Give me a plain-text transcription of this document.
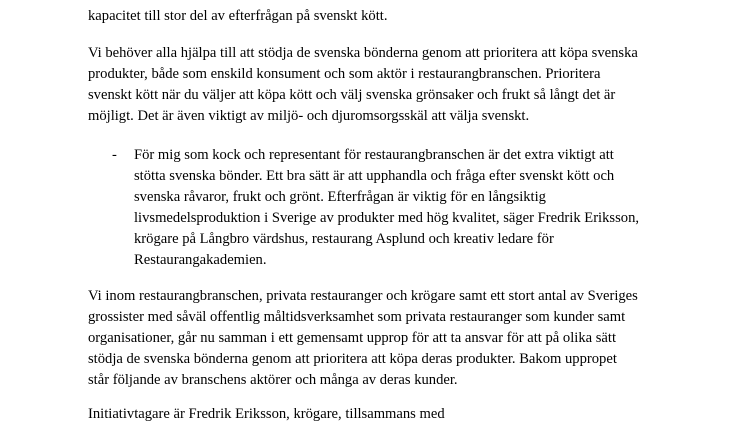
kapacitet till stor del av efterfrågan på svenskt kött.
Vi behöver alla hjälpa till att stödja de svenska bönderna genom att prioritera att köpa svenska
produkter, både som enskild konsument och som aktör i restaurangbranschen. Prioritera
svenskt kött när du väljer att köpa kött och välj svenska grönsaker och frukt så långt det är
möjligt. Det är även viktigt av miljö- och djuromsorgsskäl att välja svenskt.
- För mig som kock och representant för restaurangbranschen är det extra viktigt att
stötta svenska bönder. Ett bra sätt är att upphandla och fråga efter svenskt kött och
svenska råvaror, frukt och grönt. Efterfrågan är viktig för en långsiktig
livsmedelsproduktion i Sverige av produkter med hög kvalitet, säger Fredrik Eriksson,
krögare på Långbro värdshus, restaurang Asplund och kreativ ledare för
Restaurangakademien.
Vi inom restaurangbranschen, privata restauranger och krögare samt ett stort antal av Sveriges
grossister med såväl offentlig måltidsverksamhet som privata restauranger som kunder samt
organisationer, går nu samman i ett gemensamt upprop för att ta ansvar för att på olika sätt
stödja de svenska bönderna genom att prioritera att köpa deras produkter. Bakom uppropet
står följande av branschens aktörer och många av deras kunder.
Initiativtagare är Fredrik Eriksson, krögare, tillsammans med
